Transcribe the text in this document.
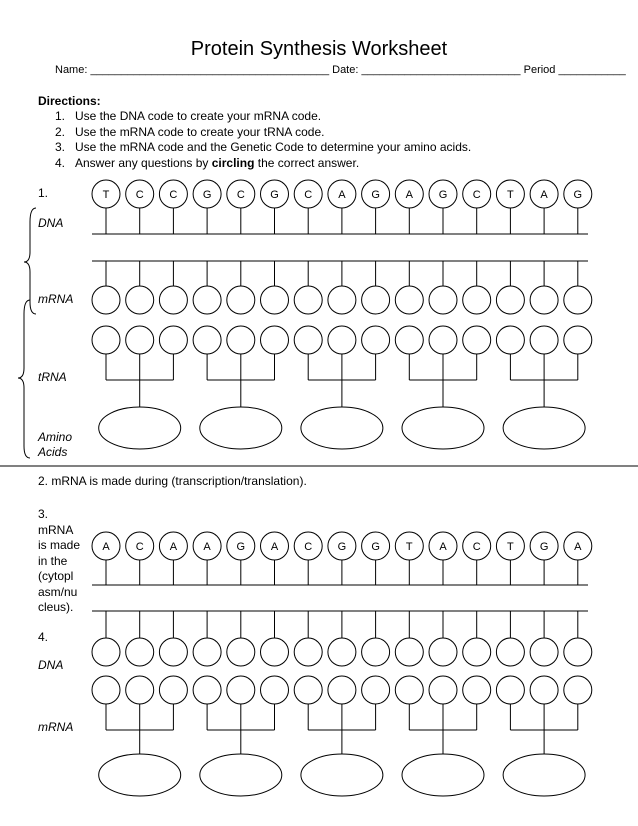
Protein Synthesis Worksheet
Name: _______________________________________ Date: __________________________ Period ___________
Directions:
1. Use the DNA code to create your mRNA code.
2. Use the mRNA code to create your tRNA code.
3. Use the mRNA code and the Genetic Code to determine your amino acids.
4. Answer any questions by circling the correct answer.
1.
DNA
mRNA
tRNA
Amino
Acids
2. mRNA is made during (transcription/translation).
3.
mRNA
is made
in the
(cytopl
asm/nu
cleus).
4.
DNA
mRNA
T C C G C G C A G A G C T A G
A C A A G A C G G T A C T G A
